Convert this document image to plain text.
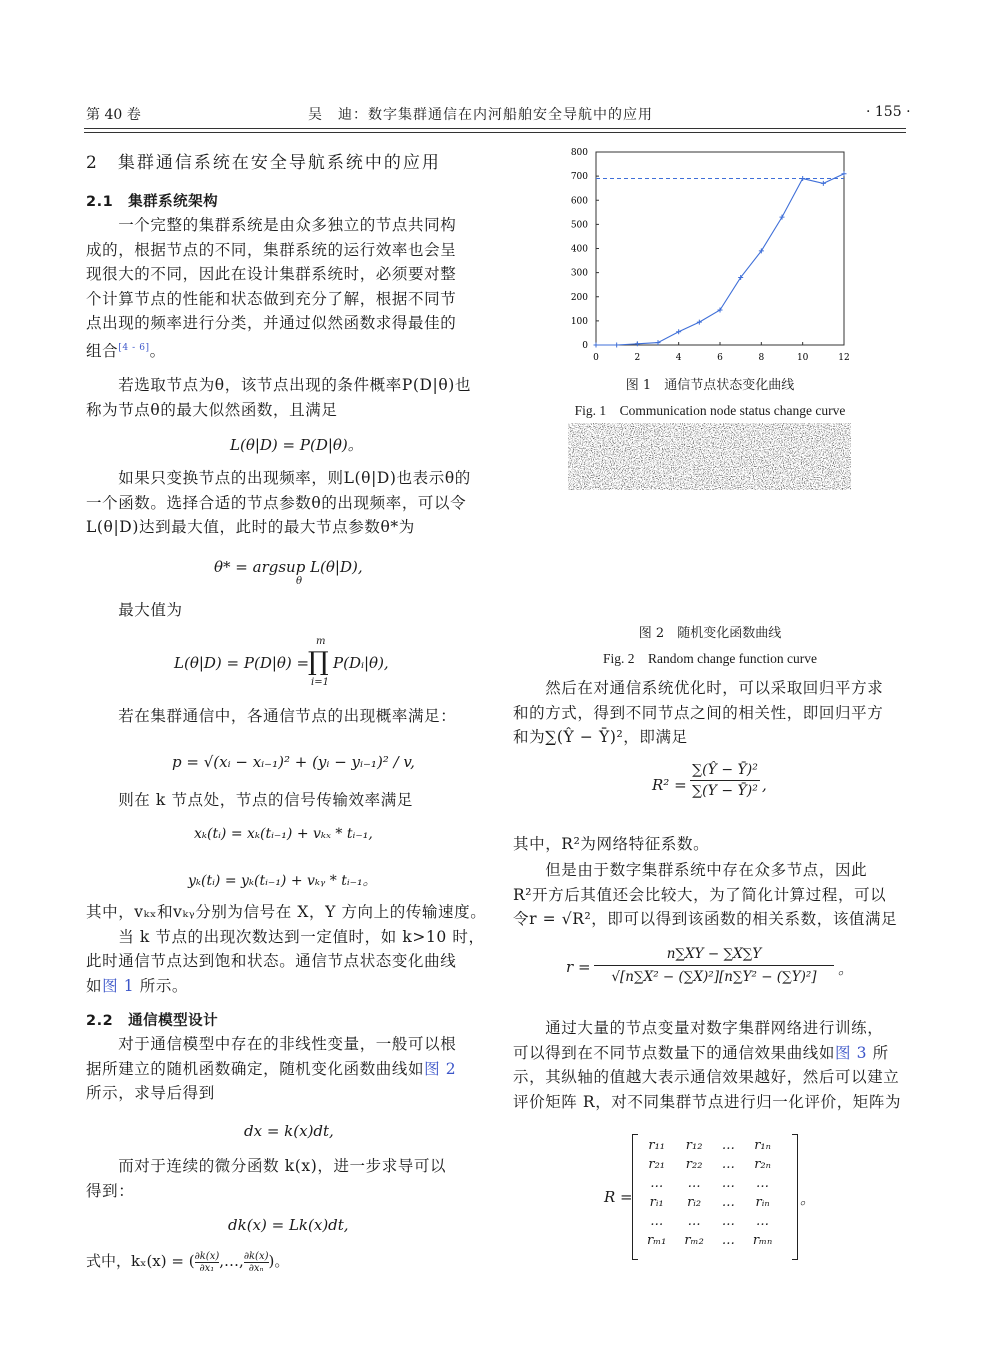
第 40 卷	吴　迪：数字集群通信在内河船舶安全导航中的应用	· 155 ·
2　集群通信系统在安全导航系统中的应用
2.1　集群系统架构
　　一个完整的集群系统是由众多独立的节点共同构
成的，根据节点的不同，集群系统的运行效率也会呈
现很大的不同，因此在设计集群系统时，必须要对整
个计算节点的性能和状态做到充分了解，根据不同节
点出现的频率进行分类，并通过似然函数求得最佳的
组合[4 - 6]。
　　若选取节点为θ，该节点出现的条件概率P(D|θ)也
称为节点θ的最大似然函数，且满足
L(θ|D) = P(D|θ)。
　　如果只变换节点的出现频率，则L(θ|D)也表示θ的
一个函数。选择合适的节点参数θ的出现频率，可以令
L(θ|D)达到最大值，此时的最大节点参数θ*为
θ* = argsup L(θ|D),
θ
　　最大值为
L(θ|D) = P(D|θ) =
m
∏
i=1
P(Dᵢ|θ),
　　若在集群通信中，各通信节点的出现概率满足：
p = √(xᵢ − xᵢ₋₁)² + (yᵢ − yᵢ₋₁)² / v,
　　则在 k 节点处，节点的信号传输效率满足
xₖ(tᵢ) = xₖ(tᵢ₋₁) + vₖₓ * tᵢ₋₁,
yₖ(tᵢ) = yₖ(tᵢ₋₁) + vₖᵧ * tᵢ₋₁。
其中，vₖₓ和vₖᵧ分别为信号在 X，Y 方向上的传输速度。
　　当 k 节点的出现次数达到一定值时，如 k>10 时，
此时通信节点达到饱和状态。通信节点状态变化曲线
如图 1 所示。
2.2　通信模型设计
　　对于通信模型中存在的非线性变量，一般可以根
据所建立的随机函数确定，随机变化函数曲线如图 2
所示，求导后得到
dx = k(x)dt,
　　而对于连续的微分函数 k(x)，进一步求导可以
得到：
dk(x) = Lk(x)dt,
式中，kₓ(x) = ( $\frac{\partial k(x)}{\text{∂x₁}}$ ,…, $\frac{\partial k(x)}{\text{∂xₙ}}$ )。
0
100
200
300
400
500
600
700
800
0	2	4	6	8	10	12
图 1　通信节点状态变化曲线
Fig. 1　Communication node status change curve
图 2　随机变化函数曲线
Fig. 2　Random change function curve
　　然后在对通信系统优化时，可以采取回归平方求
和的方式，得到不同节点之间的相关性，即回归平方
和为∑(Ŷ − Ȳ)²，即满足
R² =
∑(Ŷ − Ȳ)²
∑(Y − Ȳ)² ,
其中，R²为网络特征系数。
　　但是由于数字集群系统中存在众多节点，因此
R²开方后其值还会比较大，为了简化计算过程，可以
令r = √R²，即可以得到该函数的相关系数，该值满足
r =
n∑XY − ∑X∑Y
√[n∑X² − (∑X)²][n∑Y² − (∑Y)²]	。
　　通过大量的节点变量对数字集群网络进行训练，
可以得到在不同节点数量下的通信效果曲线如图 3 所
示，其纵轴的值越大表示通信效果越好，然后可以建立
评价矩阵 R，对不同集群节点进行归一化评价，矩阵为
R =
r₁₁	r₁₂	…	r₁ₙ
r₂₁	r₂₂	…	r₂ₙ
…	…	…	…
rᵢ₁	rᵢ₂	…	rᵢₙ
…	…	…	…
rₘ₁	rₘ₂	…	rₘₙ
。
